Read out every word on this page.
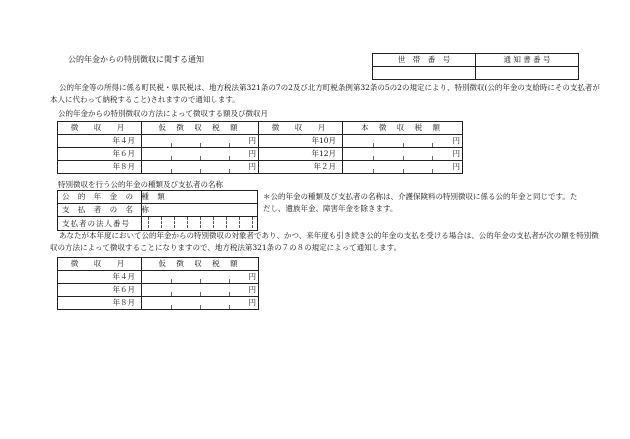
公的年金からの特別徴収に関する通知	世　帯　番　号	通 知 書 番 号

公的年金等の所得に係る町民税・県民税は、地方税法第321条の7の2及び北方町税条例第32条の5の2の規定により、特別徴収(公的年金の支給時にその支払者が本人に代わって納税すること)されますので通知します。
公的年金からの特別徴収の方法によって徴収する額及び徴収月
徴　収　月	仮 徴 収 税 額	徴　収　月	本 徴 収 税 額
年４月	円	年10月	円

年６月	円	年12月	円

年８月	円	年２月	円
特別徴収を行う公的年金の種類及び支払者の名称
公 的 年 金 の 種 類	
支 払 者 の 名 称	
支払者の法人番号	
＊公的年金の種類及び支払者の名称は、介護保険料の特別徴収に係る公的年金と同じです。ただし、遺族年金、障害年金を除きます。
あなたが本年度において公的年金からの特別徴収の対象者であり、かつ、来年度も引き続き公的年金の支払を受ける場合は、公的年金の支払者が次の額を特別徴収の方法によって徴収することになりますので、地方税法第321条の７の８の規定によって通知します。
徴　収　月	仮 徴 収 税 額
年４月	円

年６月	円

年８月	円
